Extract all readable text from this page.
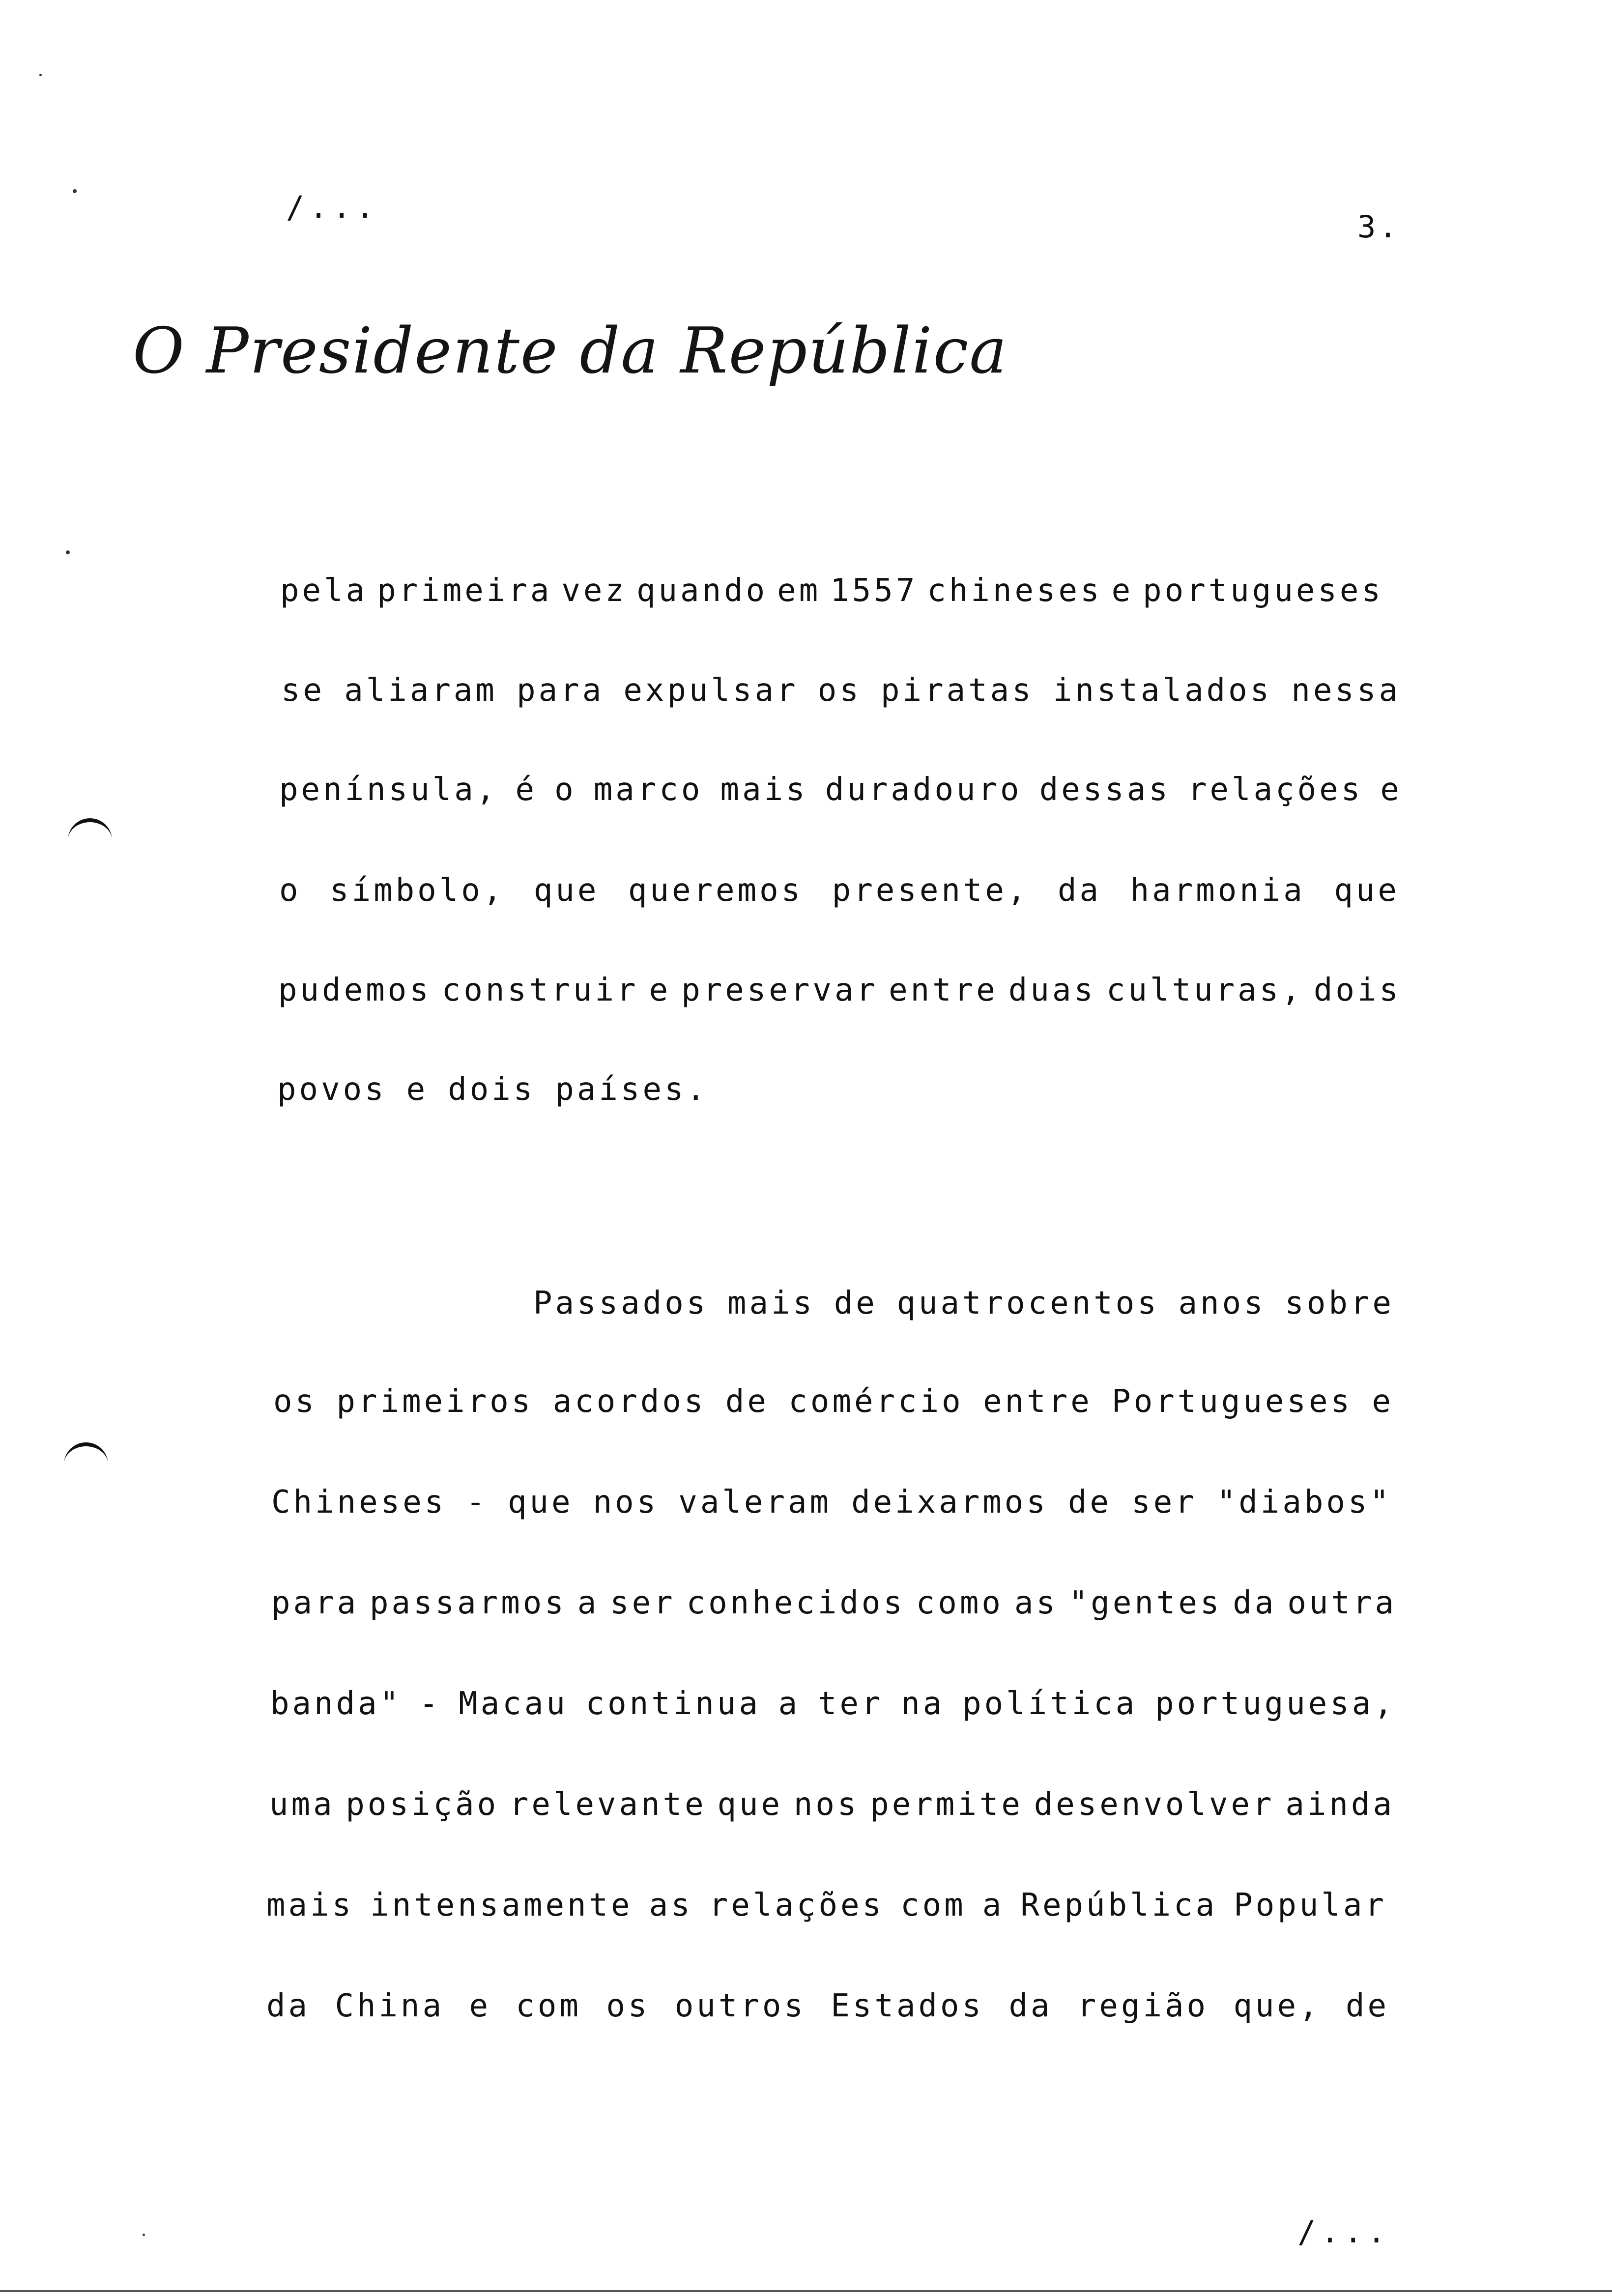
/...
3.
O Presidente da República
pela primeira vez quando em 1557 chineses e portugueses
se aliaram para expulsar os piratas instalados nessa
península, é o marco mais duradouro dessas relações e
o símbolo, que queremos presente, da harmonia que
pudemos construir e preservar entre duas culturas, dois
povos e dois países.
Passados mais de quatrocentos anos sobre
os primeiros acordos de comércio entre Portugueses e
Chineses - que nos valeram deixarmos de ser "diabos"
para passarmos a ser conhecidos como as "gentes da outra
banda" - Macau continua a ter na política portuguesa,
uma posição relevante que nos permite desenvolver ainda
mais intensamente as relações com a República Popular
da China e com os outros Estados da região que, de
/...
